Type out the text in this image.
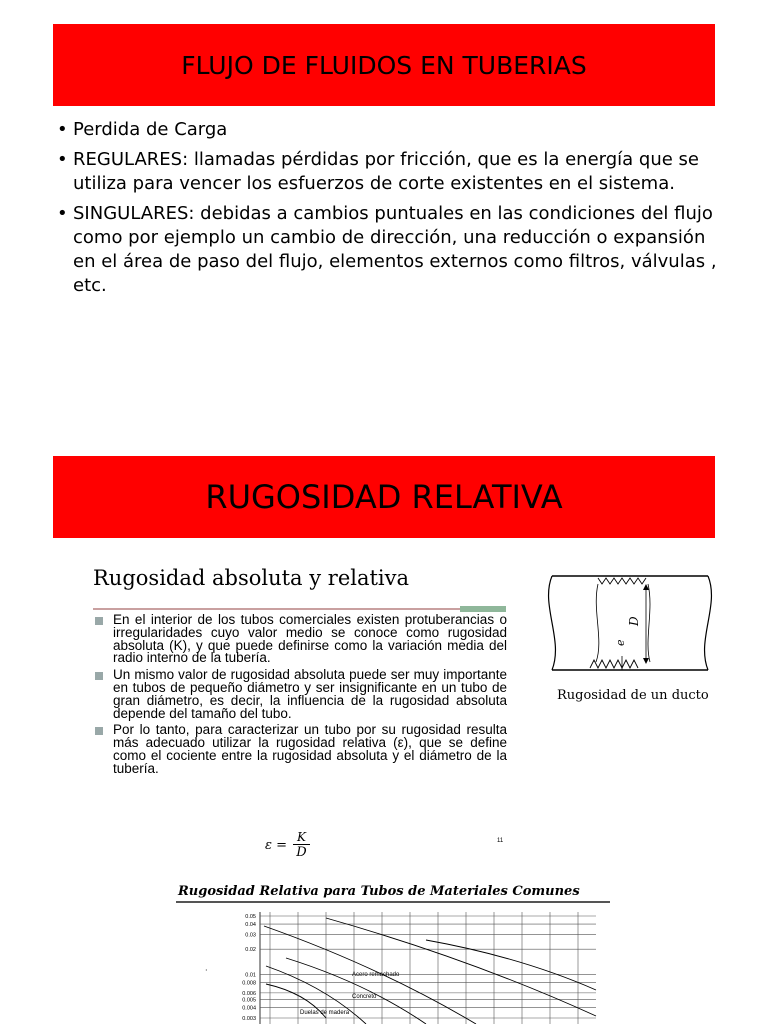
FLUJO DE FLUIDOS EN TUBERIAS
• Perdida de Carga
• REGULARES: llamadas pérdidas por fricción, que es la energía que se utiliza para vencer los esfuerzos de corte existentes en el sistema.
• SINGULARES: debidas a cambios puntuales en las condiciones del flujo como por ejemplo un cambio de dirección, una reducción o expansión en el área de paso del flujo, elementos externos como filtros, válvulas , etc.
RUGOSIDAD RELATIVA
Rugosidad absoluta y relativa
En el interior de los tubos comerciales existen protuberancias o irregularidades cuyo valor medio se conoce como rugosidad absoluta (K), y que puede definirse como la variación media del radio interno de la tubería.
Un mismo valor de rugosidad absoluta puede ser muy importante en tubos de pequeño diámetro y ser insignificante en un tubo de gran diámetro, es decir, la influencia de la rugosidad absoluta depende del tamaño del tubo.
Por lo tanto, para caracterizar un tubo por su rugosidad resulta más adecuado utilizar la rugosidad relativa (ε), que se define como el cociente entre la rugosidad absoluta y el diámetro de la tubería.
$\varepsilon = \frac{K}{D}$	11
D
e
Rugosidad de un ducto
Rugosidad Relativa para Tubos de Materiales Comunes
0.05
0.04
0.03
0.02
0.01
0.008
0.006
0.005
0.004
0.003
Acero remachado
Concreto
Duelas de madera
·
